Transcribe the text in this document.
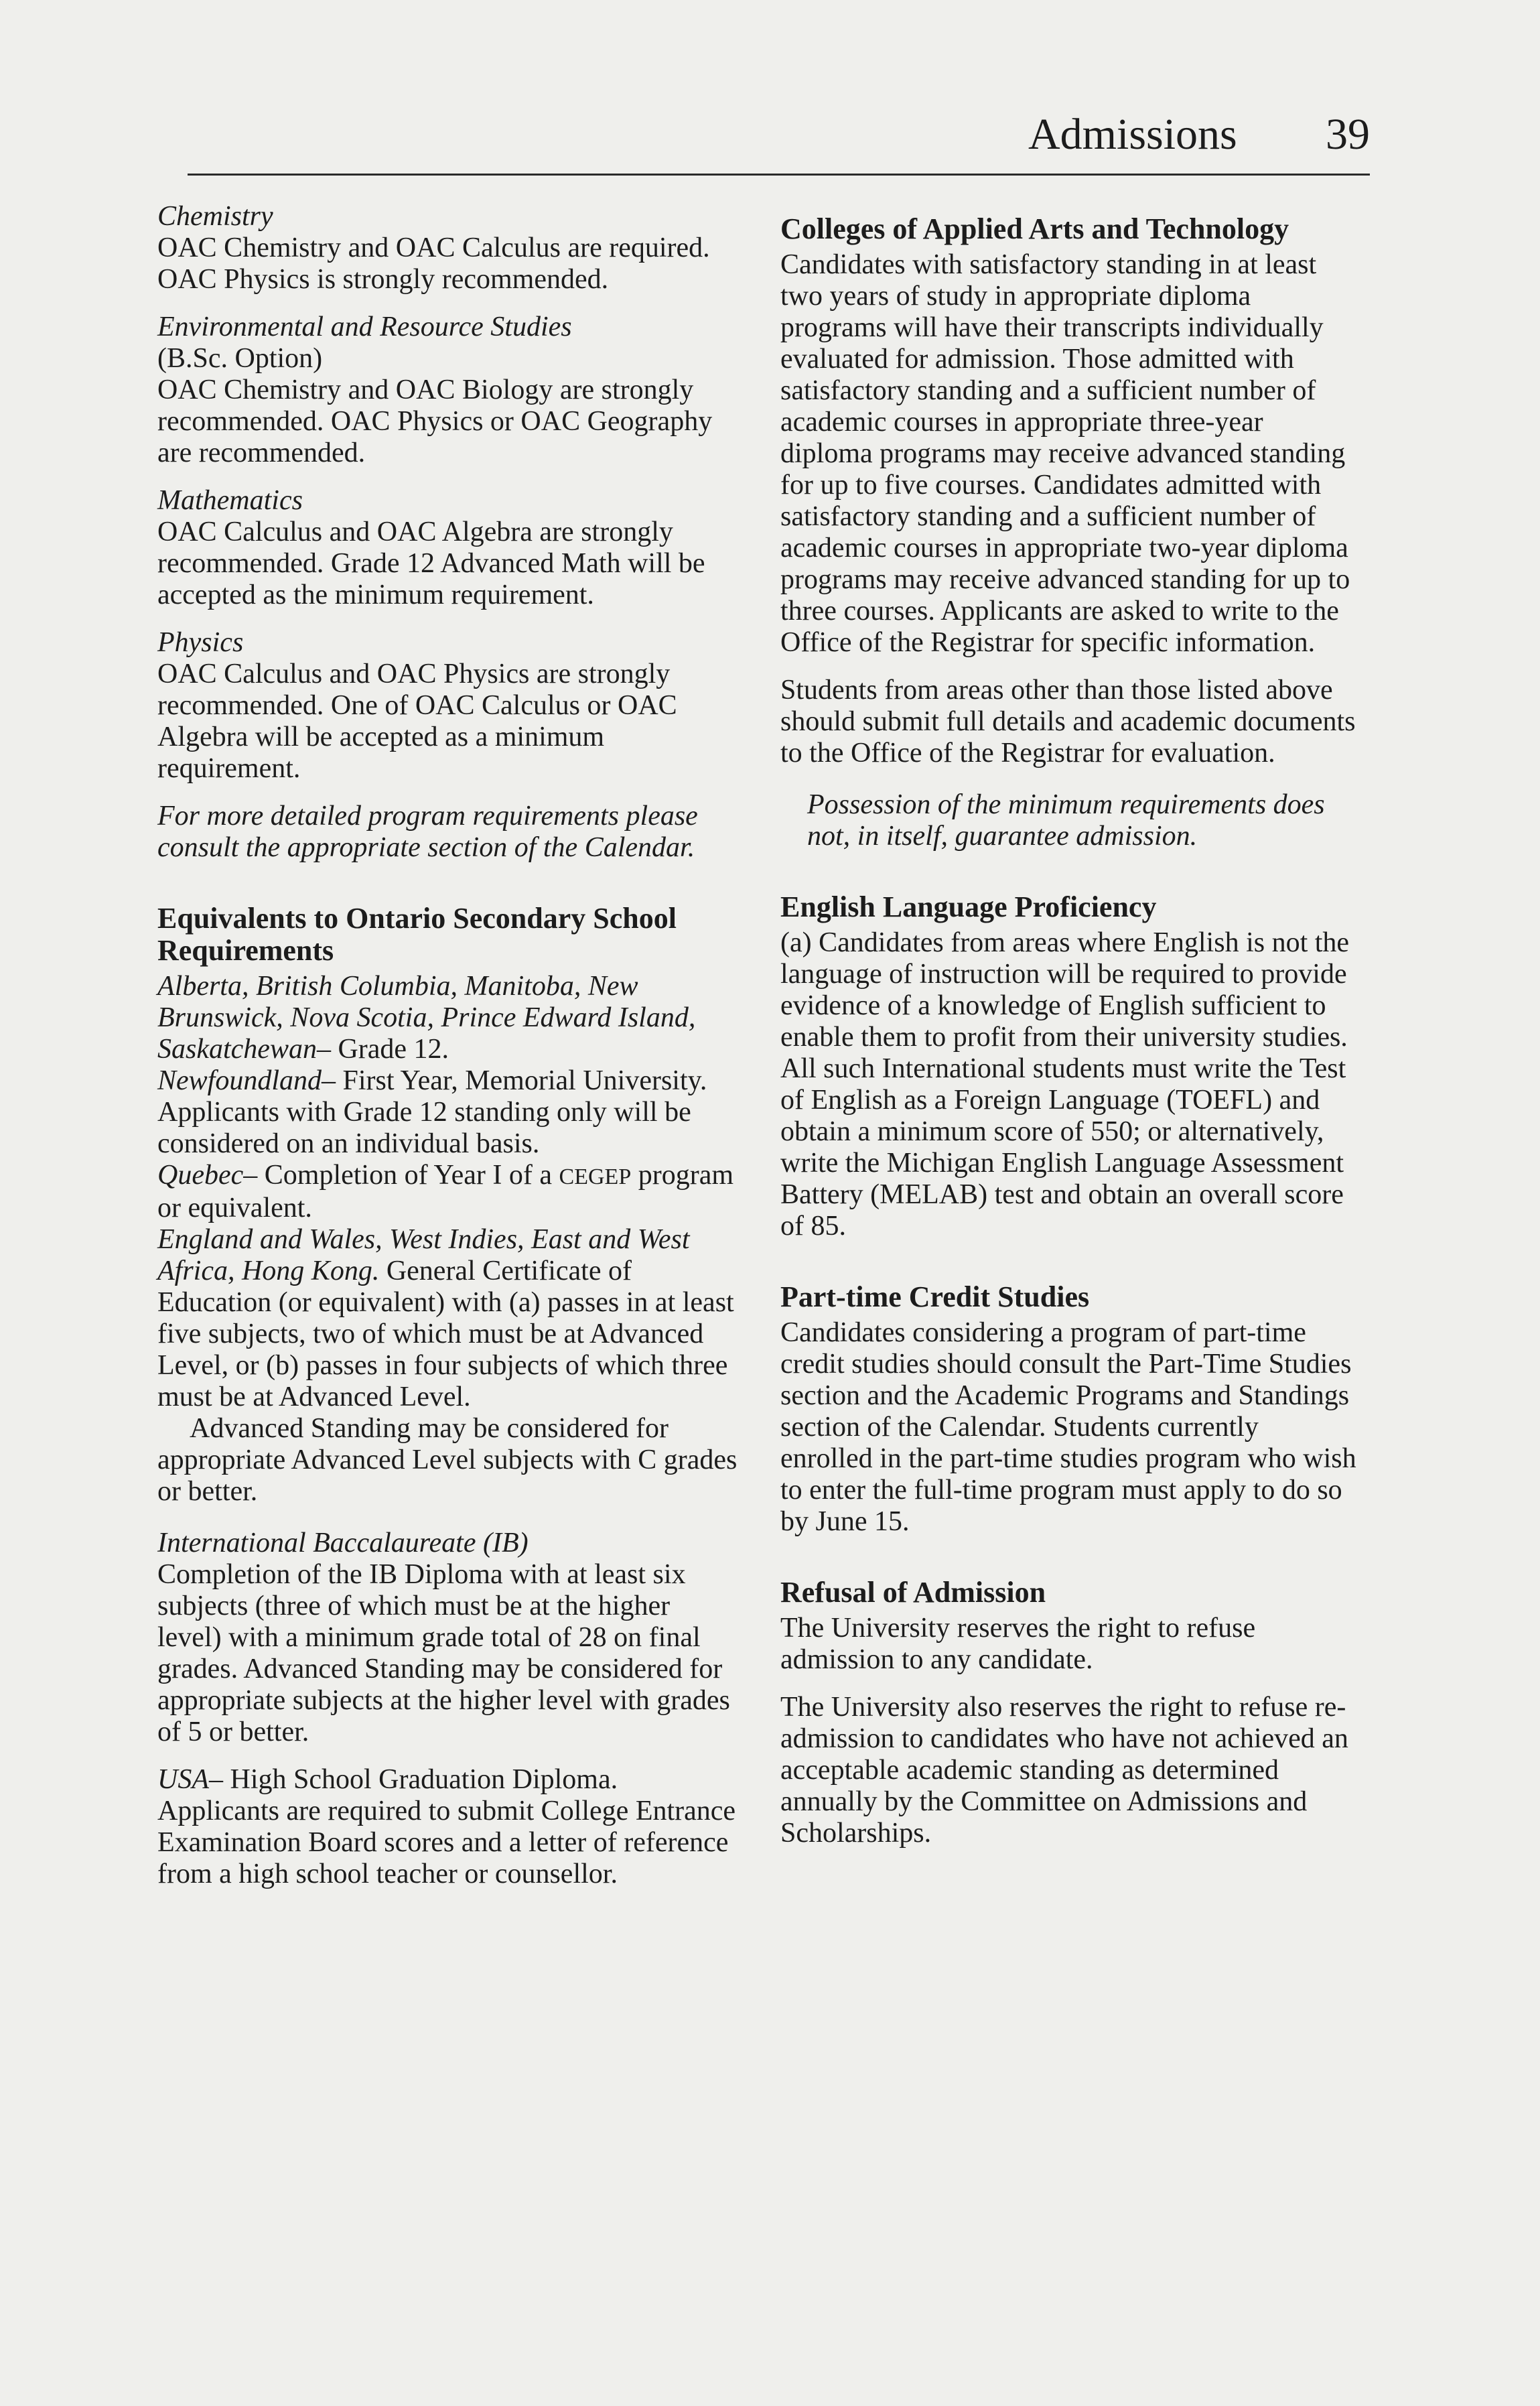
Admissions 39

Chemistry
OAC Chemistry and OAC Calculus are required. OAC Physics is strongly recommended.

Environmental and Resource Studies
(B.Sc. Option)
OAC Chemistry and OAC Biology are strongly recommended. OAC Physics or OAC Geography are recommended.

Mathematics
OAC Calculus and OAC Algebra are strongly recommended. Grade 12 Advanced Math will be accepted as the minimum requirement.

Physics
OAC Calculus and OAC Physics are strongly recommended. One of OAC Calculus or OAC Algebra will be accepted as a minimum requirement.

For more detailed program requirements please consult the appropriate section of the Calendar.

Equivalents to Ontario Secondary School Requirements

Alberta, British Columbia, Manitoba, New Brunswick, Nova Scotia, Prince Edward Island, Saskatchewan– Grade 12.

Newfoundland– First Year, Memorial University. Applicants with Grade 12 standing only will be considered on an individual basis.

Quebec– Completion of Year I of a CEGEP program or equivalent.

England and Wales, West Indies, East and West Africa, Hong Kong. General Certificate of Education (or equivalent) with (a) passes in at least five subjects, two of which must be at Advanced Level, or (b) passes in four subjects of which three must be at Advanced Level.

Advanced Standing may be considered for appropriate Advanced Level subjects with C grades or better.

International Baccalaureate (IB)
Completion of the IB Diploma with at least six subjects (three of which must be at the higher level) with a minimum grade total of 28 on final grades. Advanced Standing may be considered for appropriate subjects at the higher level with grades of 5 or better.

USA– High School Graduation Diploma. Applicants are required to submit College Entrance Examination Board scores and a letter of reference from a high school teacher or counsellor.

Colleges of Applied Arts and Technology

Candidates with satisfactory standing in at least two years of study in appropriate diploma programs will have their transcripts individually evaluated for admission. Those admitted with satisfactory standing and a sufficient number of academic courses in appropriate three-year diploma programs may receive advanced standing for up to five courses. Candidates admitted with satisfactory standing and a sufficient number of academic courses in appropriate two-year diploma programs may receive advanced standing for up to three courses. Applicants are asked to write to the Office of the Registrar for specific information.

Students from areas other than those listed above should submit full details and academic documents to the Office of the Registrar for evaluation.

Possession of the minimum requirements does not, in itself, guarantee admission.

English Language Proficiency

(a) Candidates from areas where English is not the language of instruction will be required to provide evidence of a knowledge of English sufficient to enable them to profit from their university studies. All such International students must write the Test of English as a Foreign Language (TOEFL) and obtain a minimum score of 550; or alternatively, write the Michigan English Language Assessment Battery (MELAB) test and obtain an overall score of 85.

Part-time Credit Studies

Candidates considering a program of part-time credit studies should consult the Part-Time Studies section and the Academic Programs and Standings section of the Calendar. Students currently enrolled in the part-time studies program who wish to enter the full-time program must apply to do so by June 15.

Refusal of Admission

The University reserves the right to refuse admission to any candidate.

The University also reserves the right to refuse re-admission to candidates who have not achieved an acceptable academic standing as determined annually by the Committee on Admissions and Scholarships.
